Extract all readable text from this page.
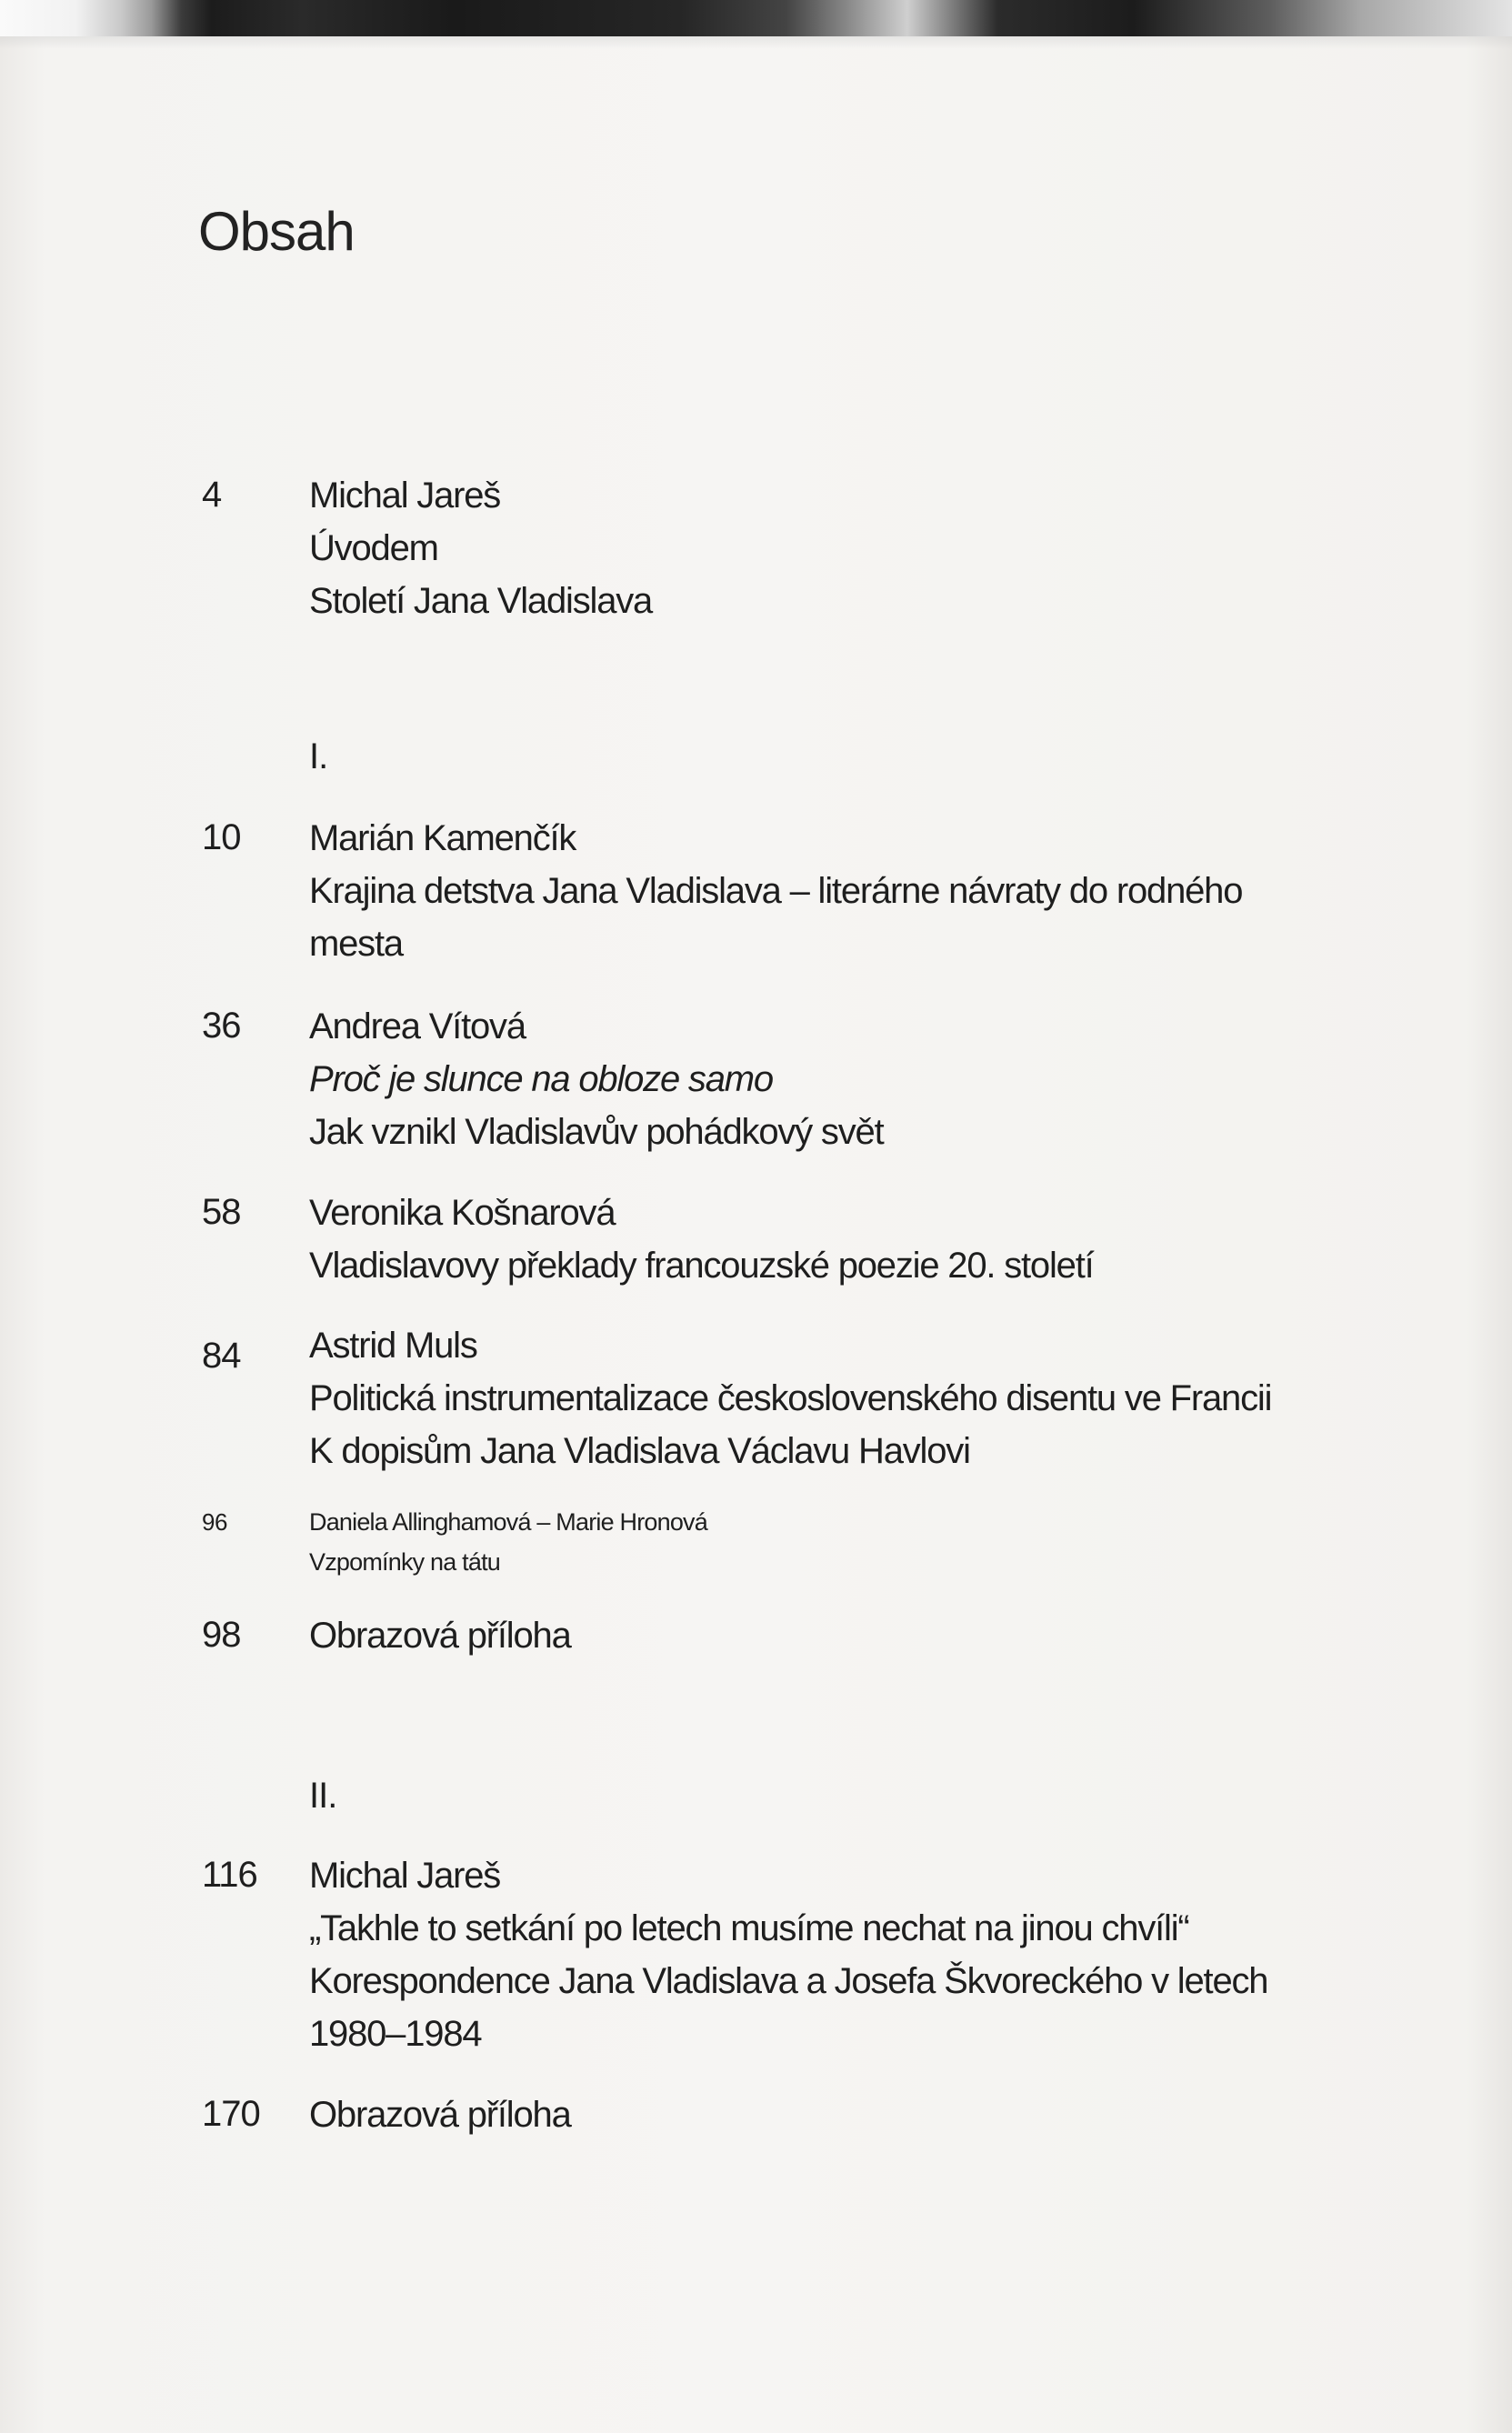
Obsah
4 Michal Jareš
Úvodem
Století Jana Vladislava
I.
10 Marián Kamenčík
Krajina detstva Jana Vladislava – literárne návraty do rodného
mesta
36 Andrea Vítová
Proč je slunce na obloze samo
Jak vznikl Vladislavův pohádkový svět
58 Veronika Košnarová
Vladislavovy překlady francouzské poezie 20. století
84 Astrid Muls
Politická instrumentalizace československého disentu ve Francii
K dopisům Jana Vladislava Václavu Havlovi
96	Daniela Allinghamová – Marie Hronová
Vzpomínky na tátu
98 Obrazová příloha
II.
116 Michal Jareš
„Takhle to setkání po letech musíme nechat na jinou chvíli“
Korespondence Jana Vladislava a Josefa Škvoreckého v letech
1980–1984
170 Obrazová příloha
